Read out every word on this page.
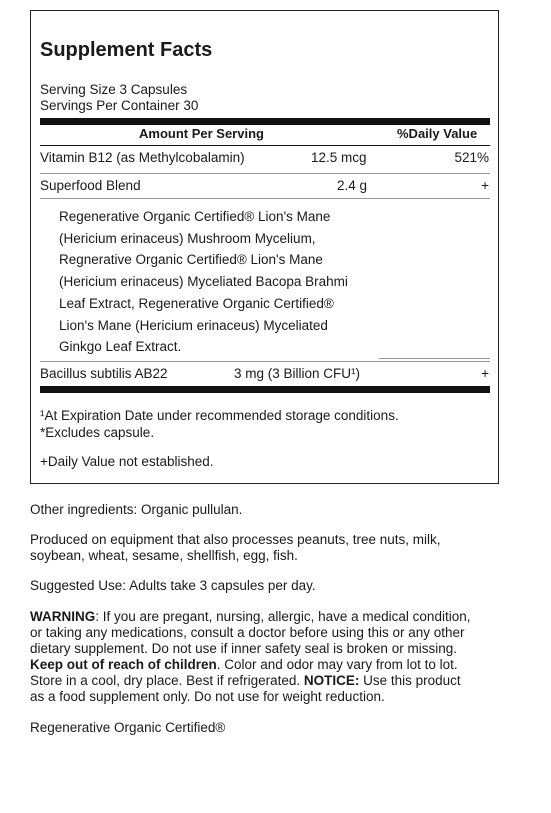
Supplement Facts
Serving Size 3 Capsules
Servings Per Container 30
Amount Per Serving	%Daily Value
Vitamin B12 (as Methylcobalamin)	12.5 mcg	521%
Superfood Blend	2.4 g	+
Regenerative Organic Certified® Lion's Mane
(Hericium erinaceus) Mushroom Mycelium,
Regnerative Organic Certified® Lion's Mane
(Hericium erinaceus) Myceliated Bacopa Brahmi
Leaf Extract, Regenerative Organic Certified®
Lion's Mane (Hericium erinaceus) Myceliated
Ginkgo Leaf Extract.
Bacillus subtilis AB22	3 mg (3 Billion CFU¹)	+
¹At Expiration Date under recommended storage conditions.
*Excludes capsule.
+Daily Value not established.

Other ingredients: Organic pullulan.

Produced on equipment that also processes peanuts, tree nuts, milk,

soybean, wheat, sesame, shellfish, egg, fish.

Suggested Use: Adults take 3 capsules per day.

WARNING: If you are pregant, nursing, allergic, have a medical condition,

or taking any medications, consult a doctor before using this or any other

dietary supplement. Do not use if inner safety seal is broken or missing.

Keep out of reach of children. Color and odor may vary from lot to lot.

Store in a cool, dry place. Best if refrigerated. NOTICE: Use this product

as a food supplement only. Do not use for weight reduction.

Regenerative Organic Certified®
